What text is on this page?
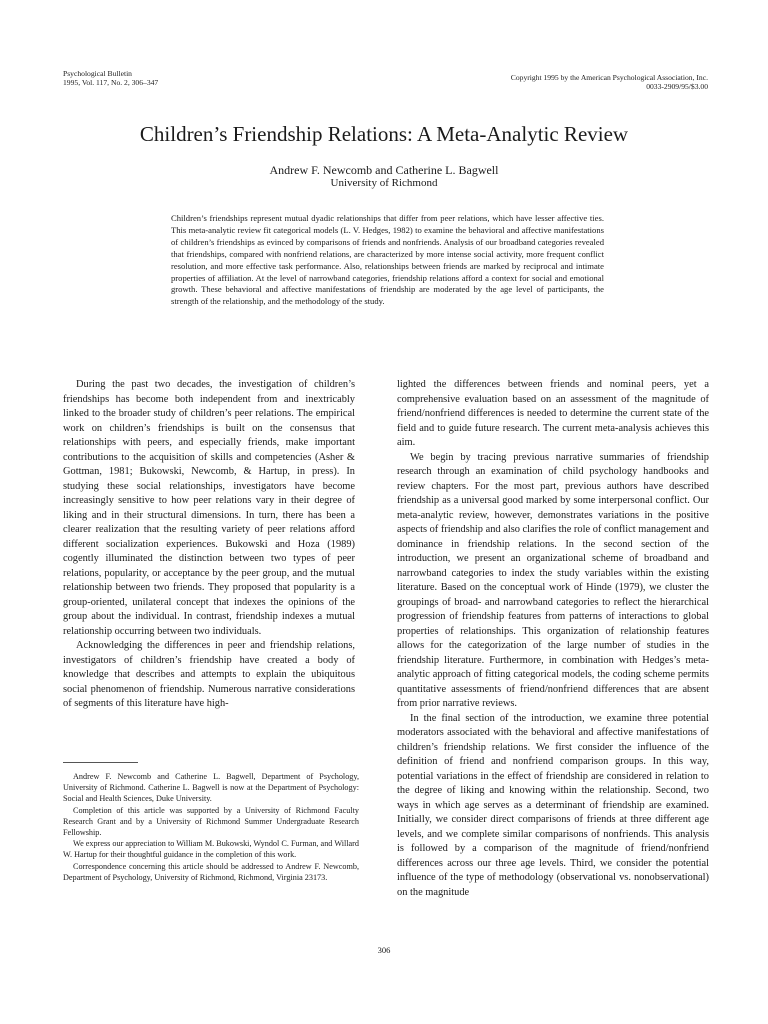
Psychological Bulletin
1995, Vol. 117, No. 2, 306–347
Copyright 1995 by the American Psychological Association, Inc.
0033-2909/95/$3.00
Children’s Friendship Relations: A Meta-Analytic Review
Andrew F. Newcomb and Catherine L. Bagwell
University of Richmond
Children’s friendships represent mutual dyadic relationships that differ from peer relations, which have lesser affective ties. This meta-analytic review fit categorical models (L. V. Hedges, 1982) to examine the behavioral and affective manifestations of children’s friendships as evinced by comparisons of friends and nonfriends. Analysis of our broadband categories revealed that friendships, compared with nonfriend relations, are characterized by more intense social activity, more frequent conflict resolution, and more effective task performance. Also, relationships between friends are marked by reciprocal and intimate properties of affiliation. At the level of narrowband categories, friendship relations afford a context for social and emotional growth. These behavioral and affective manifestations of friendship are moderated by the age level of participants, the strength of the relationship, and the methodology of the study.

During the past two decades, the investigation of children’s friendships has become both independent from and inextricably linked to the broader study of children’s peer relations. The empirical work on children’s friendships is built on the consensus that relationships with peers, and especially friends, make important contributions to the acquisition of skills and competencies (Asher & Gottman, 1981; Bukowski, Newcomb, & Hartup, in press). In studying these social relationships, investigators have become increasingly sensitive to how peer relations vary in their degree of liking and in their structural dimensions. In turn, there has been a clearer realization that the resulting variety of peer relations afford different socialization experiences. Bukowski and Hoza (1989) cogently illuminated the distinction between two types of peer relations, popularity, or acceptance by the peer group, and the mutual relationship between two friends. They proposed that popularity is a group-oriented, unilateral concept that indexes the opinions of the group about the individual. In contrast, friendship indexes a mutual relationship occurring between two individuals.

Acknowledging the differences in peer and friendship relations, investigators of children’s friendship have created a body of knowledge that describes and attempts to explain the ubiquitous social phenomenon of friendship. Numerous narrative considerations of segments of this literature have high-

lighted the differences between friends and nominal peers, yet a comprehensive evaluation based on an assessment of the magnitude of friend/nonfriend differences is needed to determine the current state of the field and to guide future research. The current meta-analysis achieves this aim.

We begin by tracing previous narrative summaries of friendship research through an examination of child psychology handbooks and review chapters. For the most part, previous authors have described friendship as a universal good marked by some interpersonal conflict. Our meta-analytic review, however, demonstrates variations in the positive aspects of friendship and also clarifies the role of conflict management and dominance in friendship relations. In the second section of the introduction, we present an organizational scheme of broadband and narrowband categories to index the study variables within the existing literature. Based on the conceptual work of Hinde (1979), we cluster the groupings of broad- and narrowband categories to reflect the hierarchical progression of friendship features from patterns of interactions to global properties of relationships. This organization of relationship features allows for the categorization of the large number of studies in the friendship literature. Furthermore, in combination with Hedges’s meta-analytic approach of fitting categorical models, the coding scheme permits quantitative assessments of friend/nonfriend differences that are absent from prior narrative reviews.

In the final section of the introduction, we examine three potential moderators associated with the behavioral and affective manifestations of children’s friendship relations. We first consider the influence of the definition of friend and nonfriend comparison groups. In this way, potential variations in the effect of friendship are considered in relation to the degree of liking and knowing within the relationship. Second, two ways in which age serves as a determinant of friendship are examined. Initially, we consider direct comparisons of friends at three different age levels, and we complete similar comparisons of nonfriends. This analysis is followed by a comparison of the magnitude of friend/nonfriend differences across our three age levels. Third, we consider the potential influence of the type of methodology (observational vs. nonobservational) on the magnitude

Andrew F. Newcomb and Catherine L. Bagwell, Department of Psychology, University of Richmond. Catherine L. Bagwell is now at the Department of Psychology: Social and Health Sciences, Duke University.

Completion of this article was supported by a University of Richmond Faculty Research Grant and by a University of Richmond Summer Undergraduate Research Fellowship.

We express our appreciation to William M. Bukowski, Wyndol C. Furman, and Willard W. Hartup for their thoughtful guidance in the completion of this work.

Correspondence concerning this article should be addressed to Andrew F. Newcomb, Department of Psychology, University of Richmond, Richmond, Virginia 23173.

306
